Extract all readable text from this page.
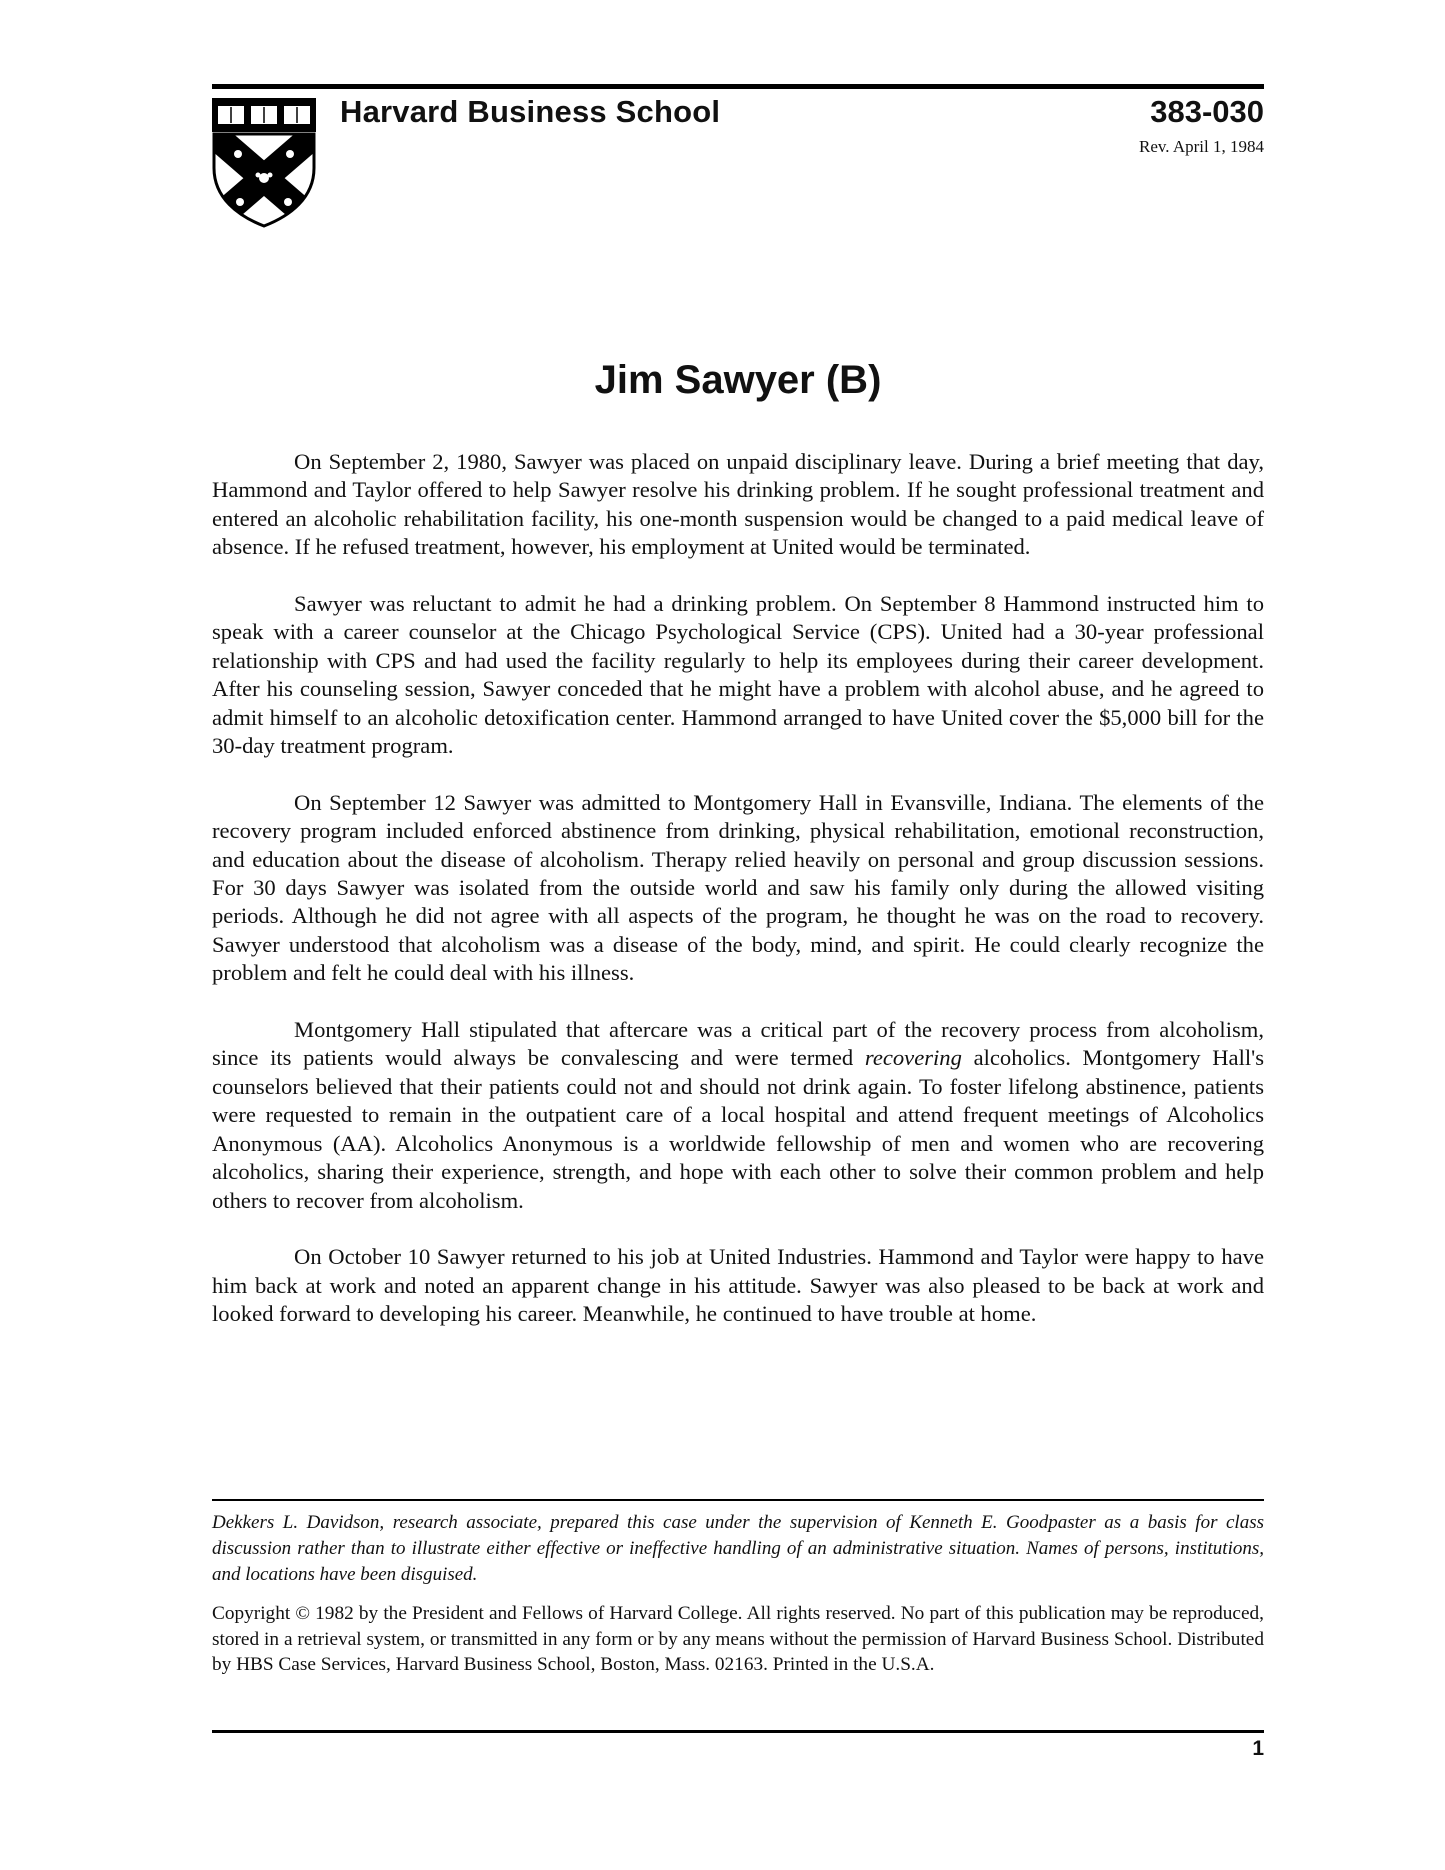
Harvard Business School	383-030
Rev. April 1, 1984
Jim Sawyer (B)

On September 2, 1980, Sawyer was placed on unpaid disciplinary leave. During a brief meeting that day, Hammond and Taylor offered to help Sawyer resolve his drinking problem. If he sought professional treatment and entered an alcoholic rehabilitation facility, his one-month suspension would be changed to a paid medical leave of absence. If he refused treatment, however, his employment at United would be terminated.

Sawyer was reluctant to admit he had a drinking problem. On September 8 Hammond instructed him to speak with a career counselor at the Chicago Psychological Service (CPS). United had a 30-year professional relationship with CPS and had used the facility regularly to help its employees during their career development. After his counseling session, Sawyer conceded that he might have a problem with alcohol abuse, and he agreed to admit himself to an alcoholic detoxification center. Hammond arranged to have United cover the $5,000 bill for the 30-day treatment program.

On September 12 Sawyer was admitted to Montgomery Hall in Evansville, Indiana. The elements of the recovery program included enforced abstinence from drinking, physical rehabilitation, emotional reconstruction, and education about the disease of alcoholism. Therapy relied heavily on personal and group discussion sessions. For 30 days Sawyer was isolated from the outside world and saw his family only during the allowed visiting periods. Although he did not agree with all aspects of the program, he thought he was on the road to recovery. Sawyer understood that alcoholism was a disease of the body, mind, and spirit. He could clearly recognize the problem and felt he could deal with his illness.

Montgomery Hall stipulated that aftercare was a critical part of the recovery process from alcoholism, since its patients would always be convalescing and were termed recovering alcoholics. Montgomery Hall's counselors believed that their patients could not and should not drink again. To foster lifelong abstinence, patients were requested to remain in the outpatient care of a local hospital and attend frequent meetings of Alcoholics Anonymous (AA). Alcoholics Anonymous is a worldwide fellowship of men and women who are recovering alcoholics, sharing their experience, strength, and hope with each other to solve their common problem and help others to recover from alcoholism.

On October 10 Sawyer returned to his job at United Industries. Hammond and Taylor were happy to have him back at work and noted an apparent change in his attitude. Sawyer was also pleased to be back at work and looked forward to developing his career. Meanwhile, he continued to have trouble at home.

Dekkers L. Davidson, research associate, prepared this case under the supervision of Kenneth E. Goodpaster as a basis for class discussion rather than to illustrate either effective or ineffective handling of an administrative situation. Names of persons, institutions, and locations have been disguised.

Copyright © 1982 by the President and Fellows of Harvard College. All rights reserved. No part of this publication may be reproduced, stored in a retrieval system, or transmitted in any form or by any means without the permission of Harvard Business School. Distributed by HBS Case Services, Harvard Business School, Boston, Mass. 02163. Printed in the U.S.A.

1
